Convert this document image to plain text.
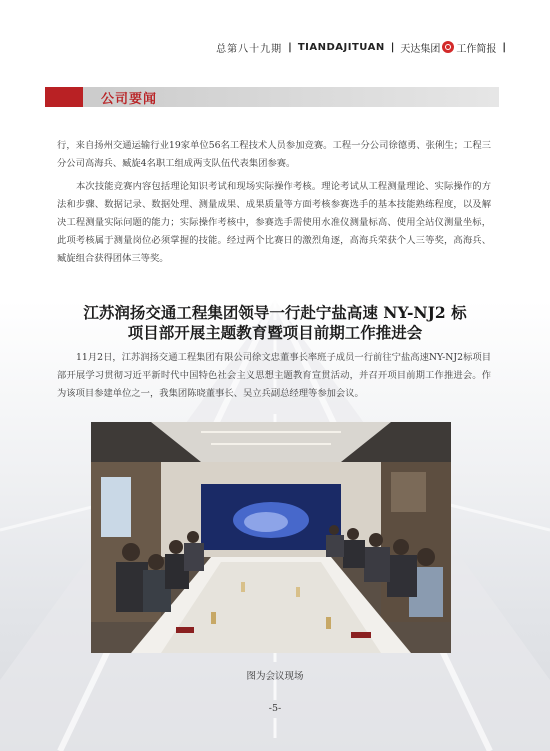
总第八十九期 | TIANDAJITUAN | 天达集团 工作简报 |
公司要闻

行，来自扬州交通运输行业19家单位56名工程技术人员参加竞赛。工程一分公司徐德勇、张俐生；工程三分公司高海兵、臧旋4名职工组成两支队伍代表集团参赛。

本次技能竞赛内容包括理论知识考试和现场实际操作考核。理论考试从工程测量理论、实际操作的方法和步骤、数据记录、数据处理、测量成果、成果质量等方面考核参赛选手的基本技能熟练程度，以及解决工程测量实际问题的能力；实际操作考核中，参赛选手需使用水准仪测量标高、使用全站仪测量坐标，此项考核属于测量岗位必须掌握的技能。经过两个比赛日的激烈角逐，高海兵荣获个人三等奖，高海兵、臧旋组合获得团体三等奖。

江苏润扬交通工程集团领导一行赴宁盐高速 NY-NJ2 标
项目部开展主题教育暨项目前期工作推进会

11月2日，江苏润扬交通工程集团有限公司徐文忠董事长率班子成员一行前往宁盐高速NY-NJ2标项目部开展学习贯彻习近平新时代中国特色社会主义思想主题教育宣贯活动，并召开项目前期工作推进会。作为该项目参建单位之一，我集团陈晓董事长、吴立兵副总经理等参加会议。

图为会议现场
-5-
